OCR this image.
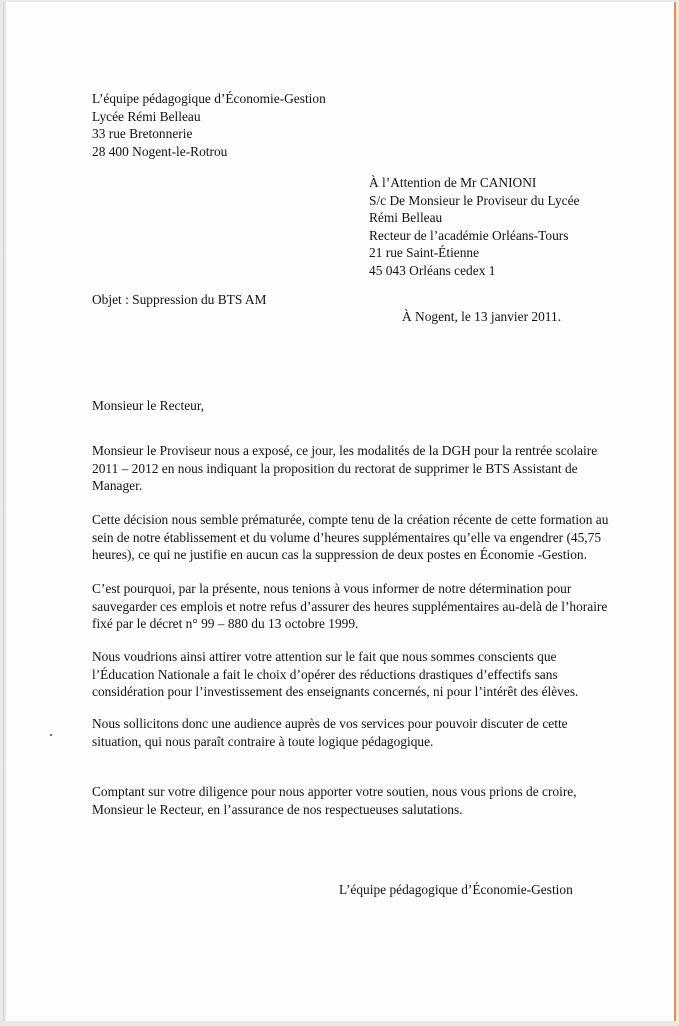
L’équipe pédagogique d’Économie-Gestion
Lycée Rémi Belleau
33 rue Bretonnerie
28 400 Nogent-le-Rotrou
À l’Attention de Mr CANIONI
S/c De Monsieur le Proviseur du Lycée
Rémi Belleau
Recteur de l’académie Orléans-Tours
21 rue Saint-Étienne
45 043 Orléans cedex 1
Objet : Suppression du BTS AM
À Nogent, le 13 janvier 2011.
Monsieur le Recteur,
Monsieur le Proviseur nous a exposé, ce jour, les modalités de la DGH pour la rentrée scolaire
2011 – 2012 en nous indiquant la proposition du rectorat de supprimer le BTS Assistant de
Manager.
Cette décision nous semble prématurée, compte tenu de la création récente de cette formation au
sein de notre établissement et du volume d’heures supplémentaires qu’elle va engendrer (45,75
heures), ce qui ne justifie en aucun cas la suppression de deux postes en Économie -Gestion.
C’est pourquoi, par la présente, nous tenions à vous informer de notre détermination pour
sauvegarder ces emplois et notre refus d’assurer des heures supplémentaires au-delà de l’horaire
fixé par le décret n° 99 – 880 du 13 octobre 1999.
Nous voudrions ainsi attirer votre attention sur le fait que nous sommes conscients que
l’Éducation Nationale a fait le choix d’opérer des réductions drastiques d’effectifs sans
considération pour l’investissement des enseignants concernés, ni pour l’intérêt des élèves.
Nous sollicitons donc une audience auprès de vos services pour pouvoir discuter de cette
situation, qui nous paraît contraire à toute logique pédagogique.
Comptant sur votre diligence pour nous apporter votre soutien, nous vous prions de croire,
Monsieur le Recteur, en l’assurance de nos respectueuses salutations.
L’équipe pédagogique d’Économie-Gestion
